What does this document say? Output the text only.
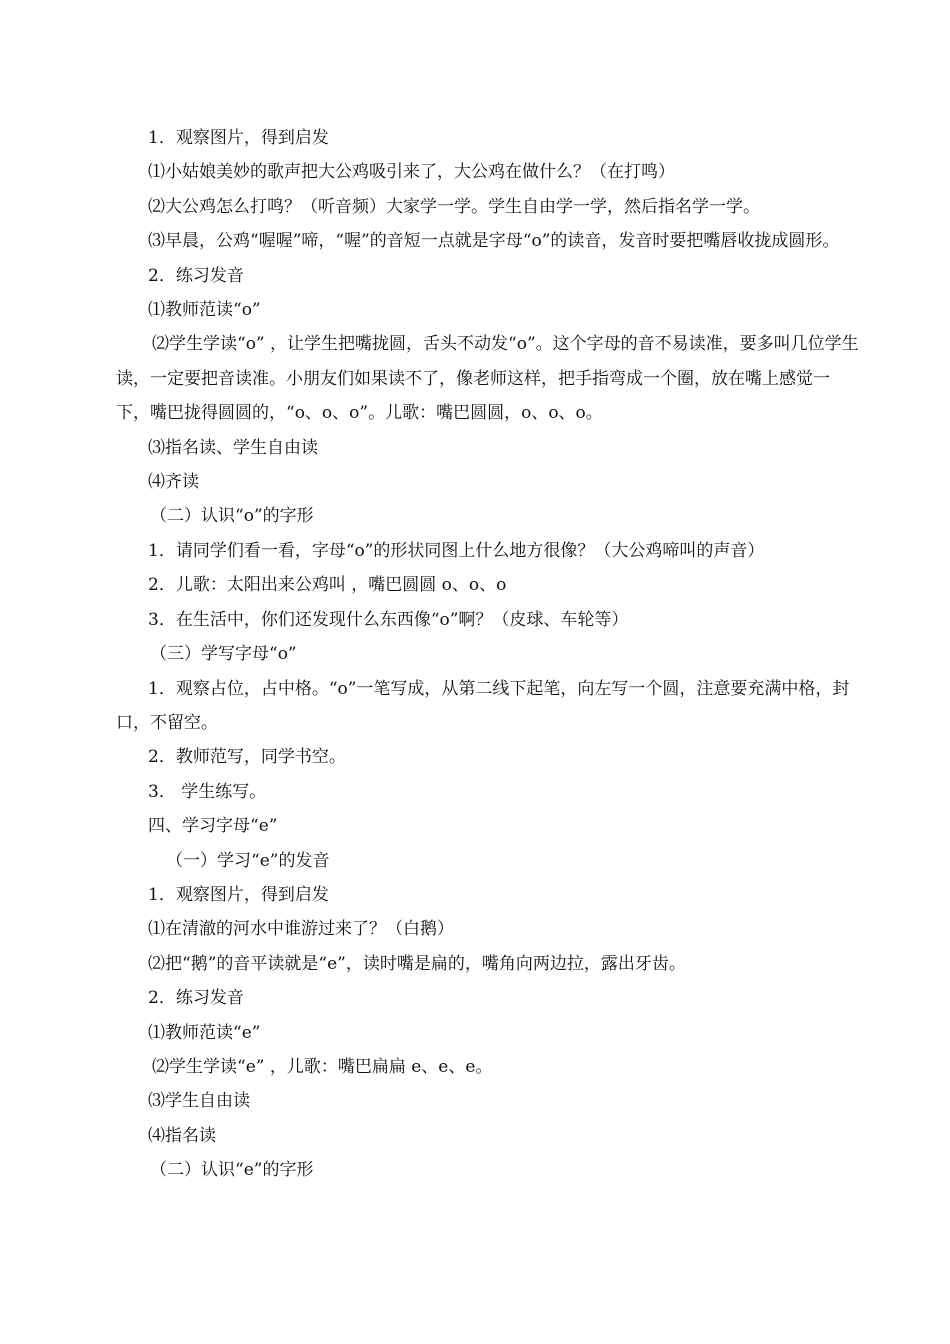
1．观察图片，得到启发

⑴小姑娘美妙的歌声把大公鸡吸引来了，大公鸡在做什么？（在打鸣）

⑵大公鸡怎么打鸣？（听音频）大家学一学。学生自由学一学，然后指名学一学。

⑶早晨，公鸡“喔喔”啼，“喔”的音短一点就是字母“o”的读音，发音时要把嘴唇收拢成圆形。

2．练习发音

⑴教师范读“o”

⑵学生学读“o” ，让学生把嘴拢圆，舌头不动发“o”。这个字母的音不易读准，要多叫几位学生读，一定要把音读准。小朋友们如果读不了，像老师这样，把手指弯成一个圈，放在嘴上感觉一下，嘴巴拢得圆圆的，“o、o、o”。儿歌：嘴巴圆圆，o、o、o。

⑶指名读、学生自由读

⑷齐读

（二）认识“o”的字形

1．请同学们看一看，字母“o”的形状同图上什么地方很像？（大公鸡啼叫的声音）

2．儿歌：太阳出来公鸡叫 ，嘴巴圆圆 o、o、o

3．在生活中，你们还发现什么东西像“o”啊？（皮球、车轮等）

（三）学写字母“o”

1．观察占位，占中格。“o”一笔写成，从第二线下起笔，向左写一个圆，注意要充满中格，封口，不留空。

2．教师范写，同学书空。

3． 学生练写。

四、学习字母“e”

（一）学习“e”的发音

1．观察图片，得到启发

⑴在清澈的河水中谁游过来了？（白鹅）

⑵把“鹅”的音平读就是“e”，读时嘴是扁的，嘴角向两边拉，露出牙齿。

2．练习发音

⑴教师范读“e”

⑵学生学读“e” ，儿歌：嘴巴扁扁 e、e、e。

⑶学生自由读

⑷指名读

（二）认识“e”的字形
